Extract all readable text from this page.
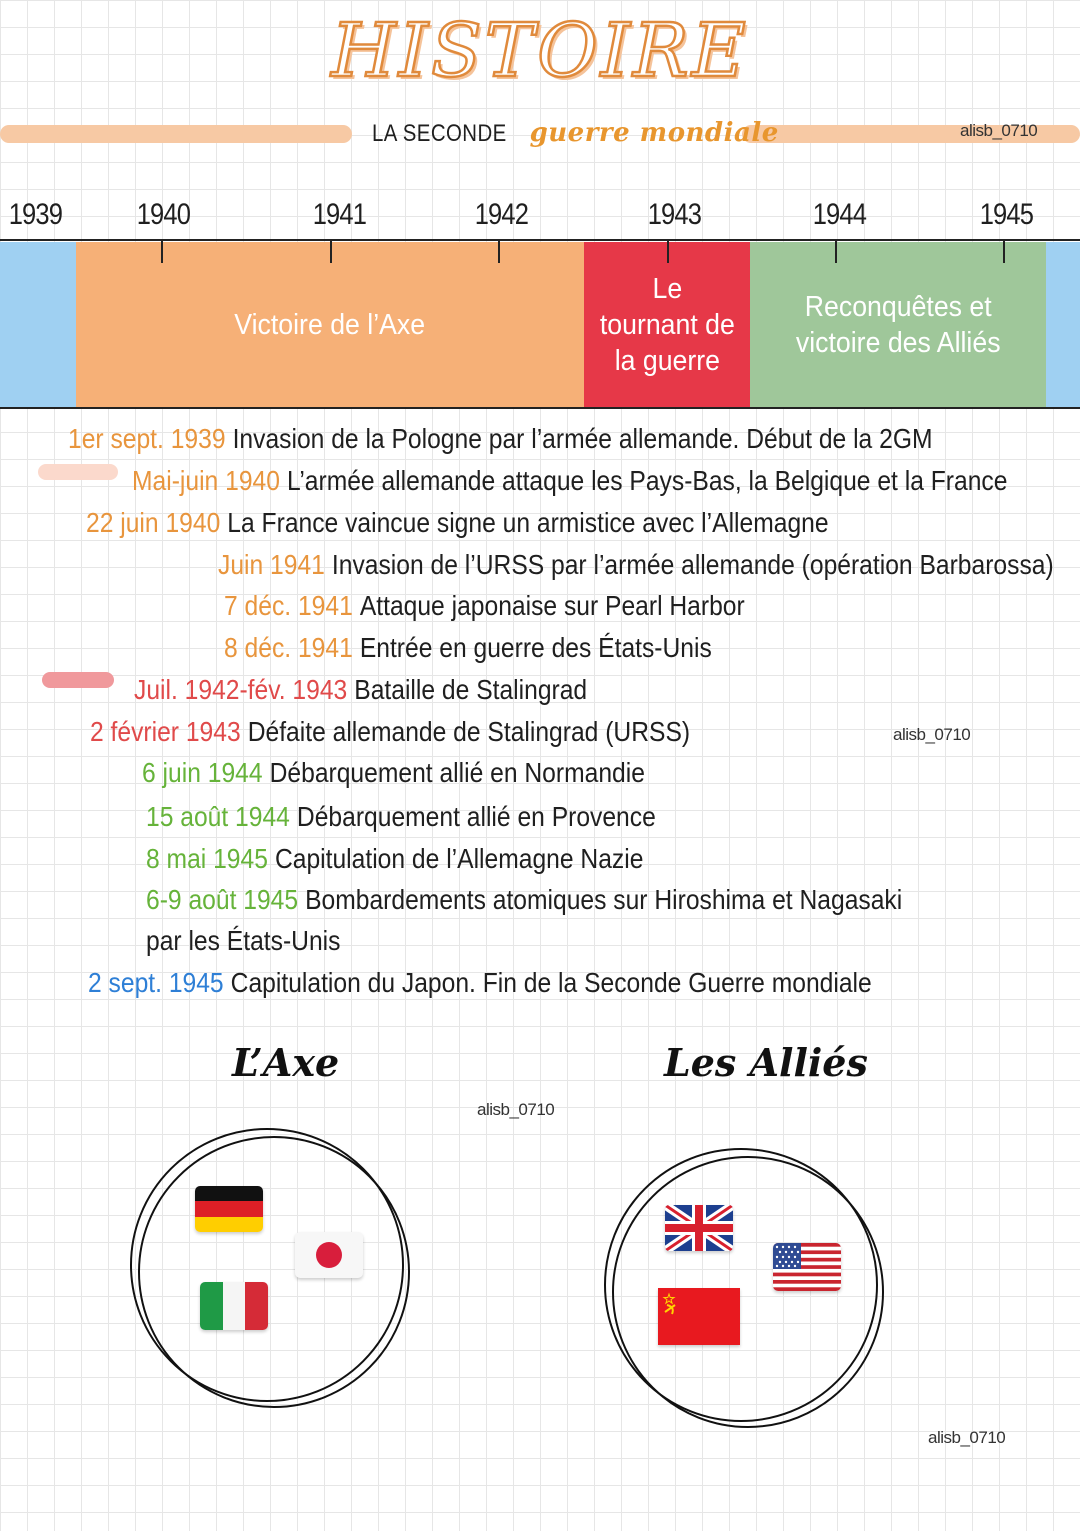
HISTOIRE
LA SECONDE guerre mondiale	alisb_0710
1939 1940	1941	1942	1943	1944	1945
Victoire de l’Axe
Le
tournant de
la guerre
Reconquêtes et
victoire des Alliés
1er sept. 1939 Invasion de la Pologne par l’armée allemande. Début de la 2GM
Mai-juin 1940 L’armée allemande attaque les Pays-Bas, la Belgique et la France
22 juin 1940 La France vaincue signe un armistice avec l’Allemagne
Juin 1941 Invasion de l’URSS par l’armée allemande (opération Barbarossa)
7 déc. 1941 Attaque japonaise sur Pearl Harbor
8 déc. 1941 Entrée en guerre des États-Unis
Juil. 1942-fév. 1943 Bataille de Stalingrad
2 février 1943 Défaite allemande de Stalingrad (URSS)
6 juin 1944 Débarquement allié en Normandie
15 août 1944 Débarquement allié en Provence
8 mai 1945 Capitulation de l’Allemagne Nazie
6-9 août 1945 Bombardements atomiques sur Hiroshima et Nagasaki
par les États-Unis
2 sept. 1945 Capitulation du Japon. Fin de la Seconde Guerre mondiale
alisb_0710
alisb_0710
alisb_0710
L’Axe	Les Alliés
